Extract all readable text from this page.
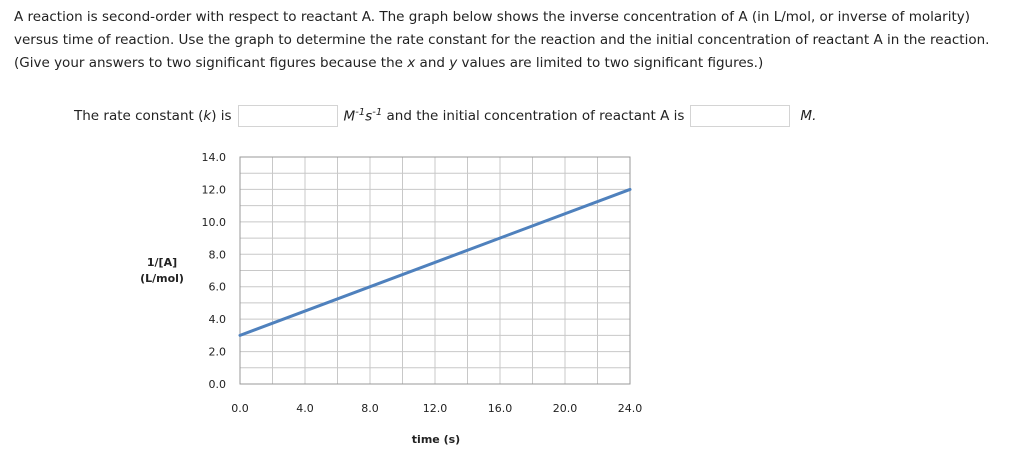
A reaction is second-order with respect to reactant A. The graph below shows the inverse concentration of A (in L/mol, or inverse of molarity) versus time of reaction. Use the graph to determine the rate constant for the reaction and the initial concentration of reactant A in the reaction. (Give your answers to two significant figures because the x and y values are limited to two significant figures.)
The rate constant ( k ) is	$M^{-1}s^{-1}$
and the initial concentration of reactant A is	M.
1/[A]
(L/mol)
time (s)
0.0
2.0
4.0
6.0
8.0
10.0
12.0
14.0
0.0	4.0	8.0	12.0	16.0	20.0	24.0
